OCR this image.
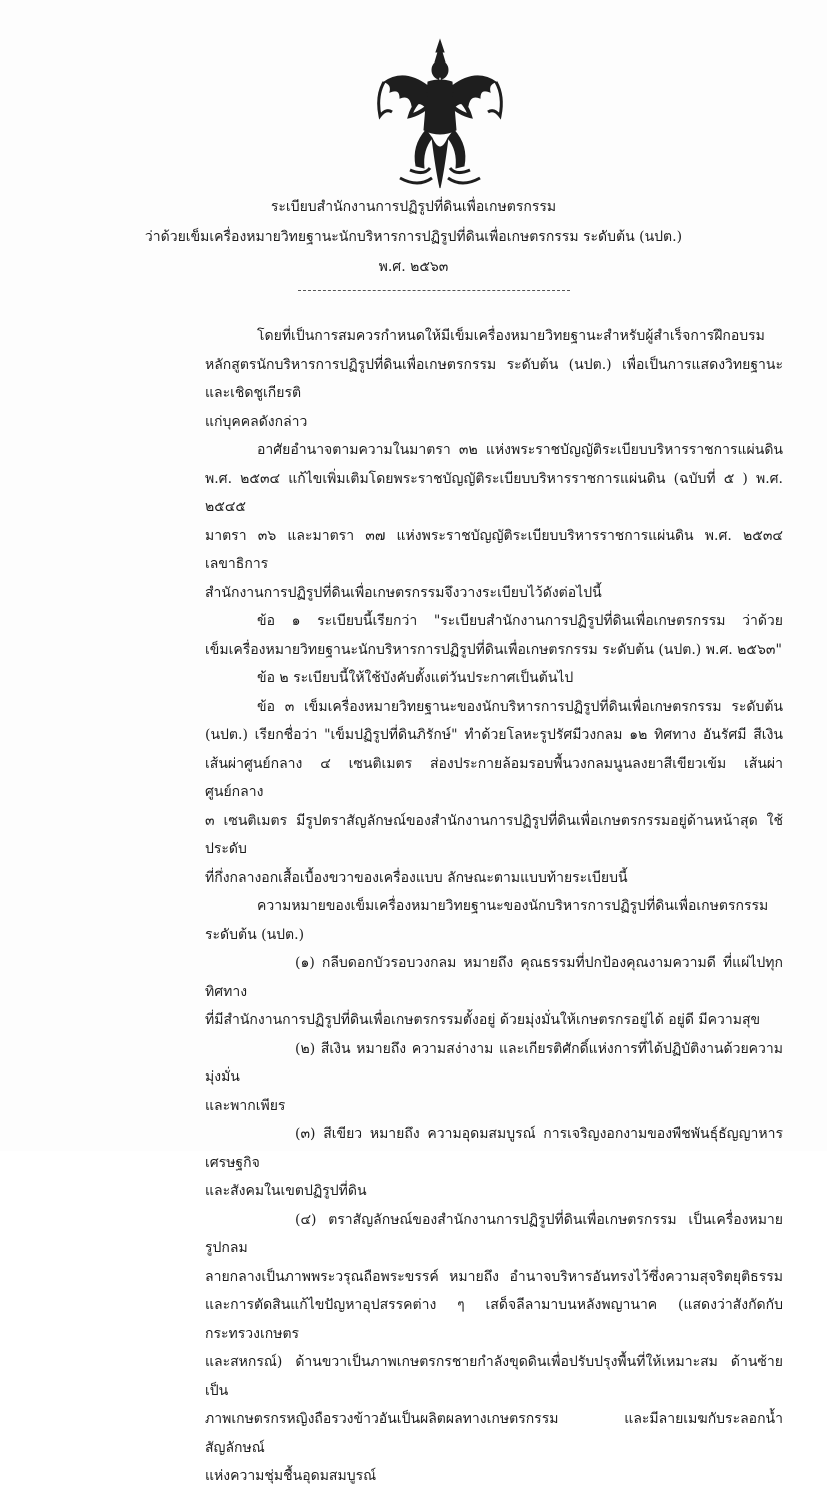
ระเบียบสำนักงานการปฏิรูปที่ดินเพื่อเกษตรกรรม
ว่าด้วยเข็มเครื่องหมายวิทยฐานะนักบริหารการปฏิรูปที่ดินเพื่อเกษตรกรรม ระดับต้น (นปต.)
พ.ศ. ๒๕๖๓

โดยที่เป็นการสมควรกำหนดให้มีเข็มเครื่องหมายวิทยฐานะสำหรับผู้สำเร็จการฝึกอบรม

หลักสูตรนักบริหารการปฏิรูปที่ดินเพื่อเกษตรกรรม ระดับต้น (นปต.) เพื่อเป็นการแสดงวิทยฐานะและเชิดชูเกียรติ

แก่บุคคลดังกล่าว

อาศัยอำนาจตามความในมาตรา ๓๒ แห่งพระราชบัญญัติระเบียบบริหารราชการแผ่นดิน

พ.ศ. ๒๕๓๔ แก้ไขเพิ่มเติมโดยพระราชบัญญัติระเบียบบริหารราชการแผ่นดิน (ฉบับที่ ๕ ) พ.ศ. ๒๕๔๕

มาตรา ๓๖ และมาตรา ๓๗ แห่งพระราชบัญญัติระเบียบบริหารราชการแผ่นดิน พ.ศ. ๒๕๓๔ เลขาธิการ

สำนักงานการปฏิรูปที่ดินเพื่อเกษตรกรรมจึงวางระเบียบไว้ดังต่อไปนี้

ข้อ ๑ ระเบียบนี้เรียกว่า "ระเบียบสำนักงานการปฏิรูปที่ดินเพื่อเกษตรกรรม ว่าด้วย

เข็มเครื่องหมายวิทยฐานะนักบริหารการปฏิรูปที่ดินเพื่อเกษตรกรรม ระดับต้น (นปต.) พ.ศ. ๒๕๖๓"

ข้อ ๒ ระเบียบนี้ให้ใช้บังคับตั้งแต่วันประกาศเป็นต้นไป

ข้อ ๓ เข็มเครื่องหมายวิทยฐานะของนักบริหารการปฏิรูปที่ดินเพื่อเกษตรกรรม ระดับต้น

(นปต.) เรียกชื่อว่า "เข็มปฏิรูปที่ดินภิรักษ์" ทำด้วยโลหะรูปรัศมีวงกลม ๑๒ ทิศทาง อันรัศมี สีเงิน

เส้นผ่าศูนย์กลาง ๔ เซนติเมตร ส่องประกายล้อมรอบพื้นวงกลมนูนลงยาสีเขียวเข้ม เส้นผ่าศูนย์กลาง

๓ เซนติเมตร มีรูปตราสัญลักษณ์ของสำนักงานการปฏิรูปที่ดินเพื่อเกษตรกรรมอยู่ด้านหน้าสุด ใช้ประดับ

ที่กึ่งกลางอกเสื้อเบื้องขวาของเครื่องแบบ ลักษณะตามแบบท้ายระเบียบนี้

ความหมายของเข็มเครื่องหมายวิทยฐานะของนักบริหารการปฏิรูปที่ดินเพื่อเกษตรกรรม

ระดับต้น (นปต.)

(๑) กลีบดอกบัวรอบวงกลม หมายถึง คุณธรรมที่ปกป้องคุณงามความดี ที่แผ่ไปทุกทิศทาง

ที่มีสำนักงานการปฏิรูปที่ดินเพื่อเกษตรกรรมตั้งอยู่ ด้วยมุ่งมั่นให้เกษตรกรอยู่ได้ อยู่ดี มีความสุข

(๒) สีเงิน หมายถึง ความสง่างาม และเกียรติศักดิ์แห่งการที่ได้ปฏิบัติงานด้วยความมุ่งมั่น

และพากเพียร

(๓) สีเขียว หมายถึง ความอุดมสมบูรณ์ การเจริญงอกงามของพืชพันธุ์ธัญญาหาร เศรษฐกิจ

และสังคมในเขตปฏิรูปที่ดิน

(๔) ตราสัญลักษณ์ของสำนักงานการปฏิรูปที่ดินเพื่อเกษตรกรรม เป็นเครื่องหมายรูปกลม

ลายกลางเป็นภาพพระวรุณถือพระขรรค์ หมายถึง อำนาจบริหารอันทรงไว้ซึ่งความสุจริตยุติธรรม

และการตัดสินแก้ไขปัญหาอุปสรรคต่าง ๆ เสด็จลีลามาบนหลังพญานาค (แสดงว่าสังกัดกับกระทรวงเกษตร

และสหกรณ์) ด้านขวาเป็นภาพเกษตรกรชายกำลังขุดดินเพื่อปรับปรุงพื้นที่ให้เหมาะสม ด้านซ้ายเป็น

ภาพเกษตรกรหญิงถือรวงข้าวอันเป็นผลิตผลทางเกษตรกรรม และมีลายเมฆกับระลอกน้ำ สัญลักษณ์

แห่งความชุ่มชื้นอุดมสมบูรณ์
